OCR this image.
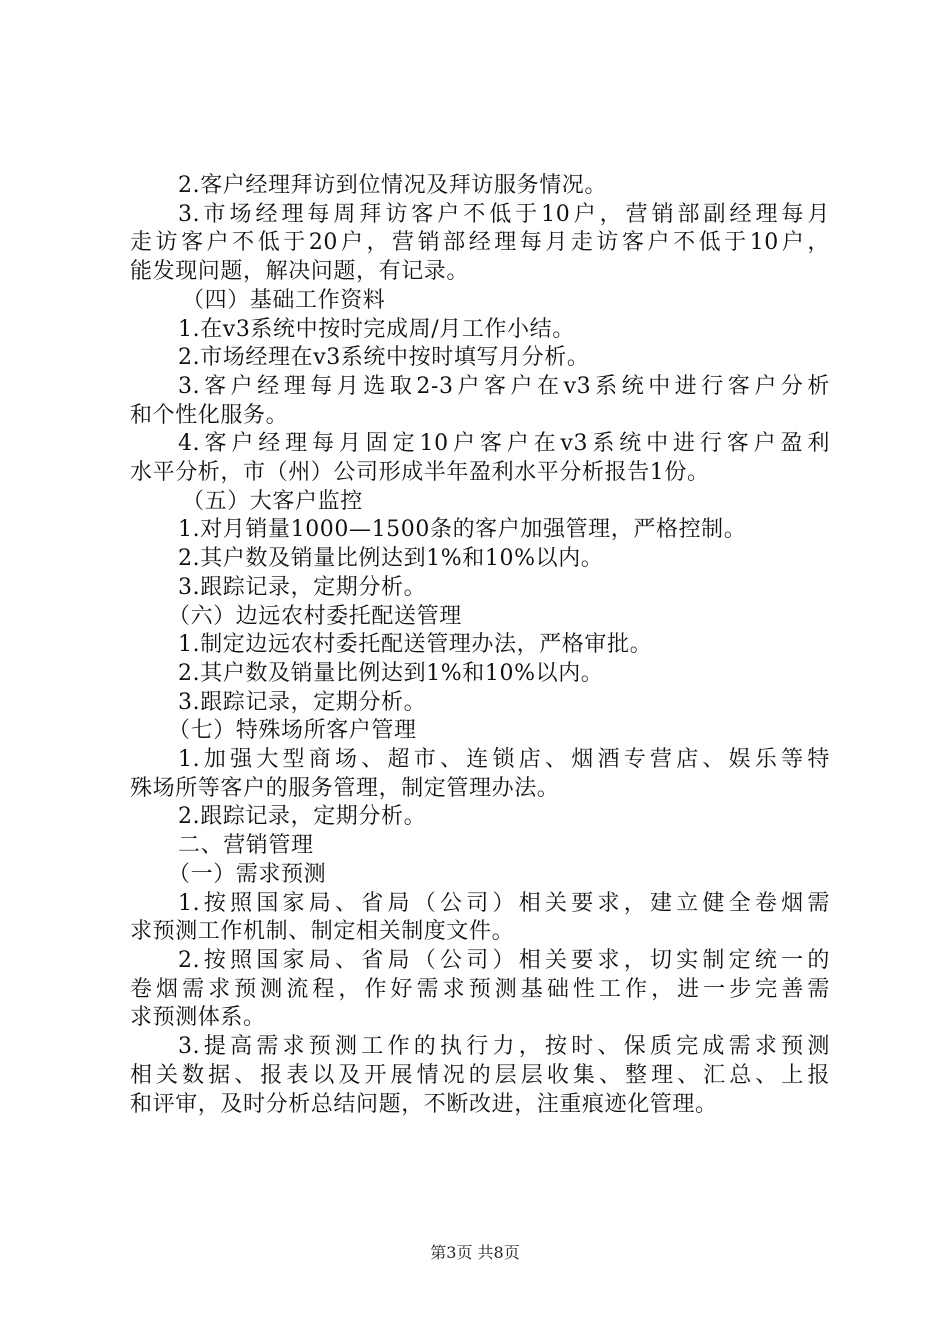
2.客户经理拜访到位情况及拜访服务情况。
3.市场经理每周拜访客户不低于10户，营销部副经理每月
走访客户不低于20户，营销部经理每月走访客户不低于10户，
能发现问题，解决问题，有记录。
（四）基础工作资料
1.在v3系统中按时完成周/月工作小结。
2.市场经理在v3系统中按时填写月分析。
3.客户经理每月选取2-3户客户在v3系统中进行客户分析
和个性化服务。
4.客户经理每月固定10户客户在v3系统中进行客户盈利
水平分析，市（州）公司形成半年盈利水平分析报告1份。
（五）大客户监控
1.对月销量1000—1500条的客户加强管理，严格控制。
2.其户数及销量比例达到1%和10%以内。
3.跟踪记录，定期分析。
（六）边远农村委托配送管理
1.制定边远农村委托配送管理办法，严格审批。
2.其户数及销量比例达到1%和10%以内。
3.跟踪记录，定期分析。
（七）特殊场所客户管理
1.加强大型商场、超市、连锁店、烟酒专营店、娱乐等特
殊场所等客户的服务管理，制定管理办法。
2.跟踪记录，定期分析。
二、营销管理
（一）需求预测
1.按照国家局、省局（公司）相关要求，建立健全卷烟需
求预测工作机制、制定相关制度文件。
2.按照国家局、省局（公司）相关要求，切实制定统一的
卷烟需求预测流程，作好需求预测基础性工作，进一步完善需
求预测体系。
3.提高需求预测工作的执行力，按时、保质完成需求预测
相关数据、报表以及开展情况的层层收集、整理、汇总、上报
和评审，及时分析总结问题，不断改进，注重痕迹化管理。
第3页 共8页
